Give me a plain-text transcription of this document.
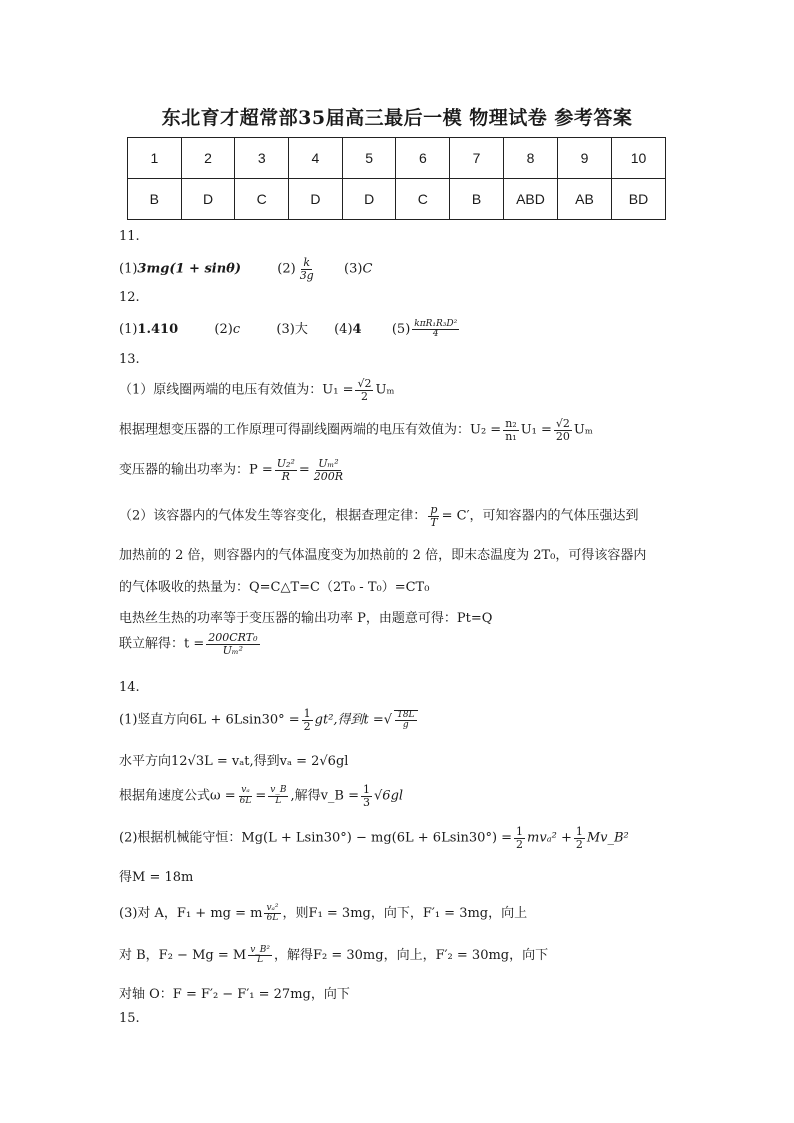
东北育才超常部35届高三最后一模 物理试卷 参考答案
1	2	3	4	5	6	7	8	9	10
B	D	C	D	D	C	B	ABD	AB	BD
11.
(1)3mg(1 + sinθ)	$(2) \frac{k}{3g} (3)C$
12.
(1)1.410	(2)c	(3)大 (4)4 $(5) \frac{\text{kπR₁R₃D²}}{4}$
13.
（1）原线圈两端的电压有效值为：$U_1 = \frac{√2}{2}$ Uₘ
根据理想变压器的工作原理可得副线圈两端的电压有效值为：$U_2 = \frac{\text{n₂}}{\text{n₁}} U_1 = \frac{√2}{20}$ Uₘ
变压器的输出功率为：$P = \frac{\text{U₂²}}{R} = \frac{\text{Uₘ²}}{200R}$
（2）该容器内的气体发生等容变化，根据查理定律： $\frac{p}{T} = C'$，可知容器内的气体压强达到
加热前的 2 倍，则容器内的气体温度变为加热前的 2 倍，即末态温度为 2T₀，可得该容器内
的气体吸收的热量为：Q=C△T=C（2T₀ - T₀）=CT₀
电热丝生热的功率等于变压器的输出功率 P，由题意可得：Pt=Q
联立解得：$t = \frac{\text{200CRT₀}}{\text{Uₘ²}}$
14.
(1)竖直方向$6L + 6Lsin30^\circ = \frac{1}{2} gt^2$,得到t =√ $\frac{18L}{g}$
水平方向12√3L = vₐt,得到vₐ = 2√6gl
根据角速度公式$\omega = \frac{\text{vₐ}}{6L} = \frac{v\_B}{L}$ ,解得v_B = $\frac{1}{3} √6gl$
(2)根据机械能守恒：$Mg(L + Lsin30^\circ) - mg(6L + 6Lsin30^\circ) = \frac{1}{2} mv_a^2 + \frac{1}{2}$ Mv_B²
得M = 18m
(3)对 A，F₁ + mg = m $\frac{\text{vₐ²}}{6L}$ ，则F₁ = 3mg，向下，F′₁ = 3mg，向上
对 B，F₂ − Mg = M $\frac{\text{v\_B²}}{L}$ ，解得F₂ = 30mg，向上，F′₂ = 30mg，向下
对轴 O：F = F′₂ − F′₁ = 27mg，向下
15.
